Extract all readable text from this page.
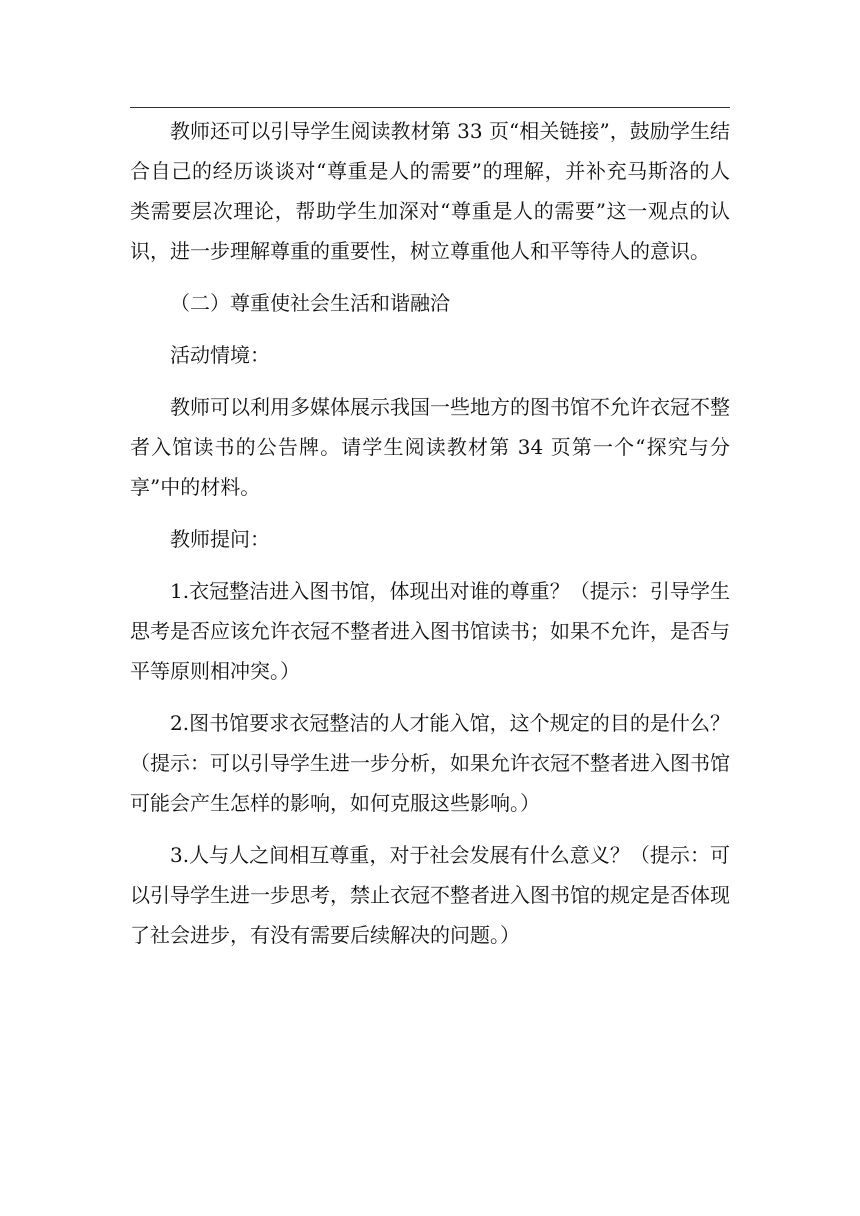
教师还可以引导学生阅读教材第 33 页“相关链接”，鼓励学生结合自己的经历谈谈对“尊重是人的需要”的理解，并补充马斯洛的人类需要层次理论，帮助学生加深对“尊重是人的需要”这一观点的认识，进一步理解尊重的重要性，树立尊重他人和平等待人的意识。

（二）尊重使社会生活和谐融洽

活动情境：

教师可以利用多媒体展示我国一些地方的图书馆不允许衣冠不整者入馆读书的公告牌。请学生阅读教材第 34 页第一个“探究与分享”中的材料。

教师提问：

1.衣冠整洁进入图书馆，体现出对谁的尊重？（提示：引导学生思考是否应该允许衣冠不整者进入图书馆读书；如果不允许，是否与平等原则相冲突。）

2.图书馆要求衣冠整洁的人才能入馆，这个规定的目的是什么？（提示：可以引导学生进一步分析，如果允许衣冠不整者进入图书馆可能会产生怎样的影响，如何克服这些影响。）

3.人与人之间相互尊重，对于社会发展有什么意义？（提示：可以引导学生进一步思考，禁止衣冠不整者进入图书馆的规定是否体现了社会进步，有没有需要后续解决的问题。）
